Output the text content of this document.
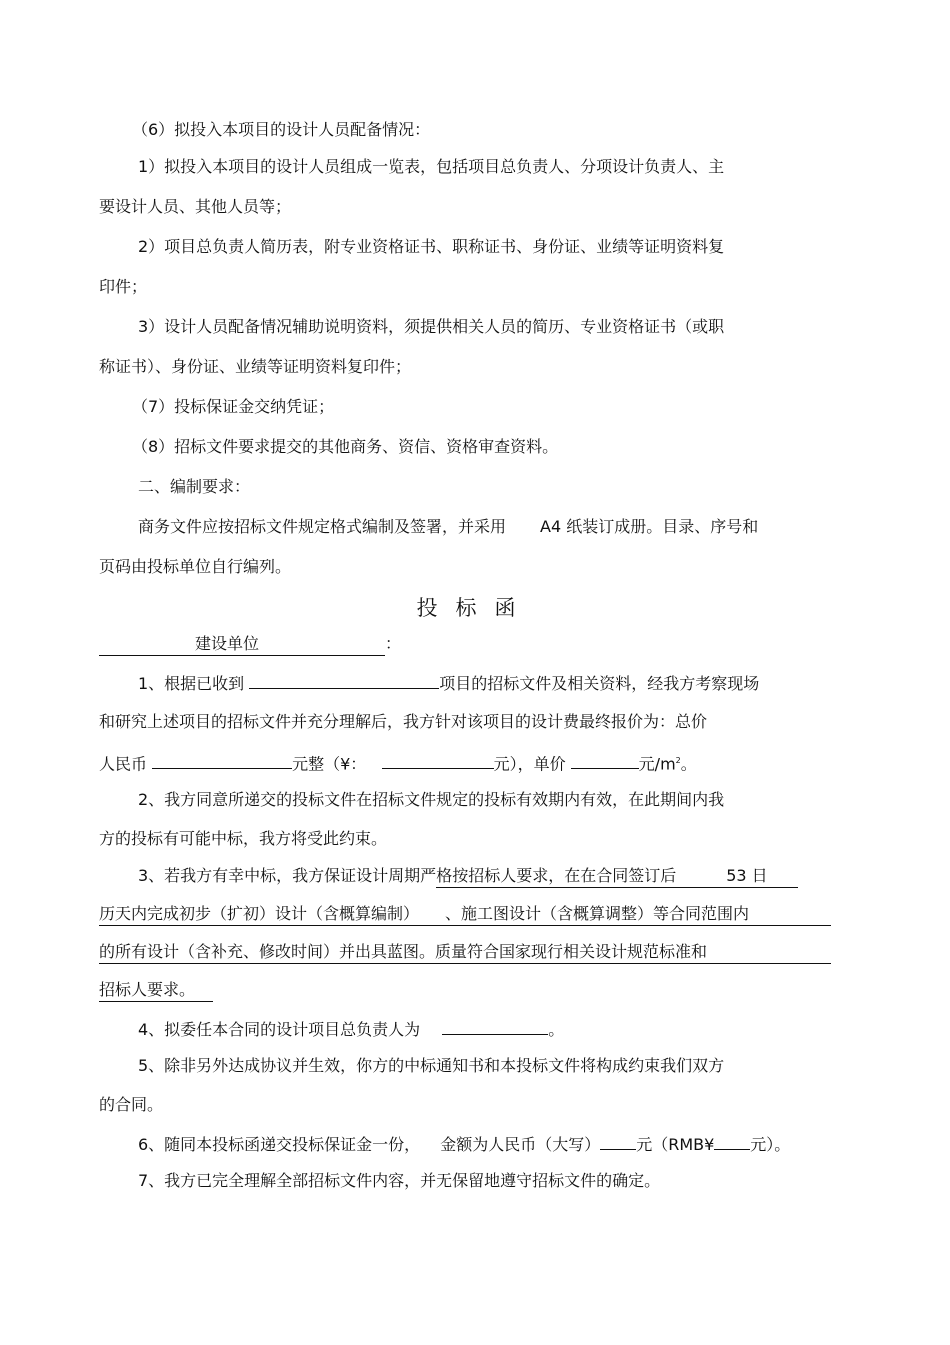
（6）拟投入本项目的设计人员配备情况：
1）拟投入本项目的设计人员组成一览表，包括项目总负责人、分项设计负责人、主
要设计人员、其他人员等；
2）项目总负责人简历表，附专业资格证书、职称证书、身份证、业绩等证明资料复
印件；
3）设计人员配备情况辅助说明资料，须提供相关人员的简历、专业资格证书（或职
称证书）、身份证、业绩等证明资料复印件；
（7）投标保证金交纳凭证；
（8）招标文件要求提交的其他商务、资信、资格审查资料。
二、编制要求：
商务文件应按招标文件规定格式编制及签署，并采用 A4 纸装订成册。目录、序号和
页码由投标单位自行编列。
投标函
建设单位	：
1、根据已收到	项目的招标文件及相关资料，经我方考察现场
和研究上述项目的招标文件并充分理解后，我方针对该项目的设计费最终报价为：总价
人民币	元整（¥：	元），单价	元$/m^2$。
2、我方同意所递交的投标文件在招标文件规定的投标有效期内有效，在此期间内我
方的投标有可能中标，我方将受此约束。
3、若我方有幸中标，我方保证设计周期严格按招标人要求，在在合同签订后	53 日
历天内完成初步（扩初）设计（含概算编制） 、施工图设计（含概算调整）等合同范围内
的所有设计（含补充、修改时间）并出具蓝图。质量符合国家现行相关设计规范标准和
招标人要求。
4、拟委任本合同的设计项目总负责人为	。
5、除非另外达成协议并生效，你方的中标通知书和本投标文件将构成约束我们双方
的合同。
6、随同本投标函递交投标保证金一份， 金额为人民币（大写） 元（RMB¥ 元）。
7、我方已完全理解全部招标文件内容，并无保留地遵守招标文件的确定。
